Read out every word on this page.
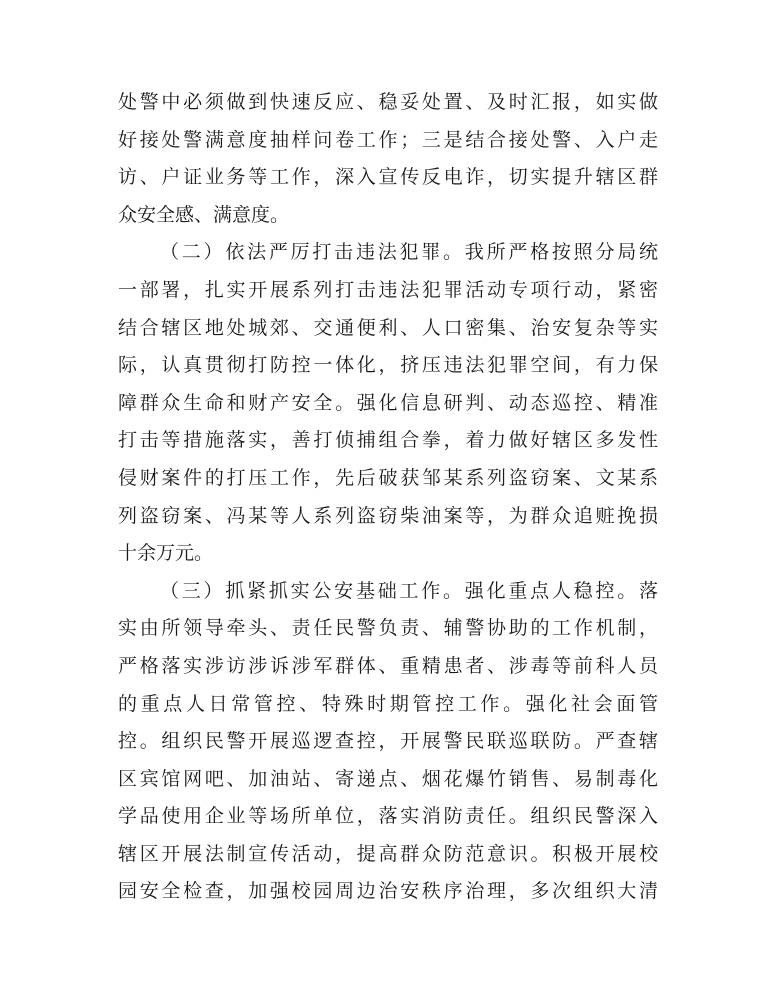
处警中必须做到快速反应、稳妥处置、及时汇报，如实做
好接处警满意度抽样问卷工作；三是结合接处警、入户走
访、户证业务等工作，深入宣传反电诈，切实提升辖区群
众安全感、满意度。
（二）依法严厉打击违法犯罪。我所严格按照分局统
一部署，扎实开展系列打击违法犯罪活动专项行动，紧密
结合辖区地处城郊、交通便利、人口密集、治安复杂等实
际，认真贯彻打防控一体化，挤压违法犯罪空间，有力保
障群众生命和财产安全。强化信息研判、动态巡控、精准
打击等措施落实，善打侦捕组合拳，着力做好辖区多发性
侵财案件的打压工作，先后破获邹某系列盗窃案、文某系
列盗窃案、冯某等人系列盗窃柴油案等，为群众追赃挽损
十余万元。
（三）抓紧抓实公安基础工作。强化重点人稳控。落
实由所领导牵头、责任民警负责、辅警协助的工作机制，
严格落实涉访涉诉涉军群体、重精患者、涉毒等前科人员
的重点人日常管控、特殊时期管控工作。强化社会面管
控。组织民警开展巡逻查控，开展警民联巡联防。严查辖
区宾馆网吧、加油站、寄递点、烟花爆竹销售、易制毒化
学品使用企业等场所单位，落实消防责任。组织民警深入
辖区开展法制宣传活动，提高群众防范意识。积极开展校
园安全检查，加强校园周边治安秩序治理，多次组织大清
